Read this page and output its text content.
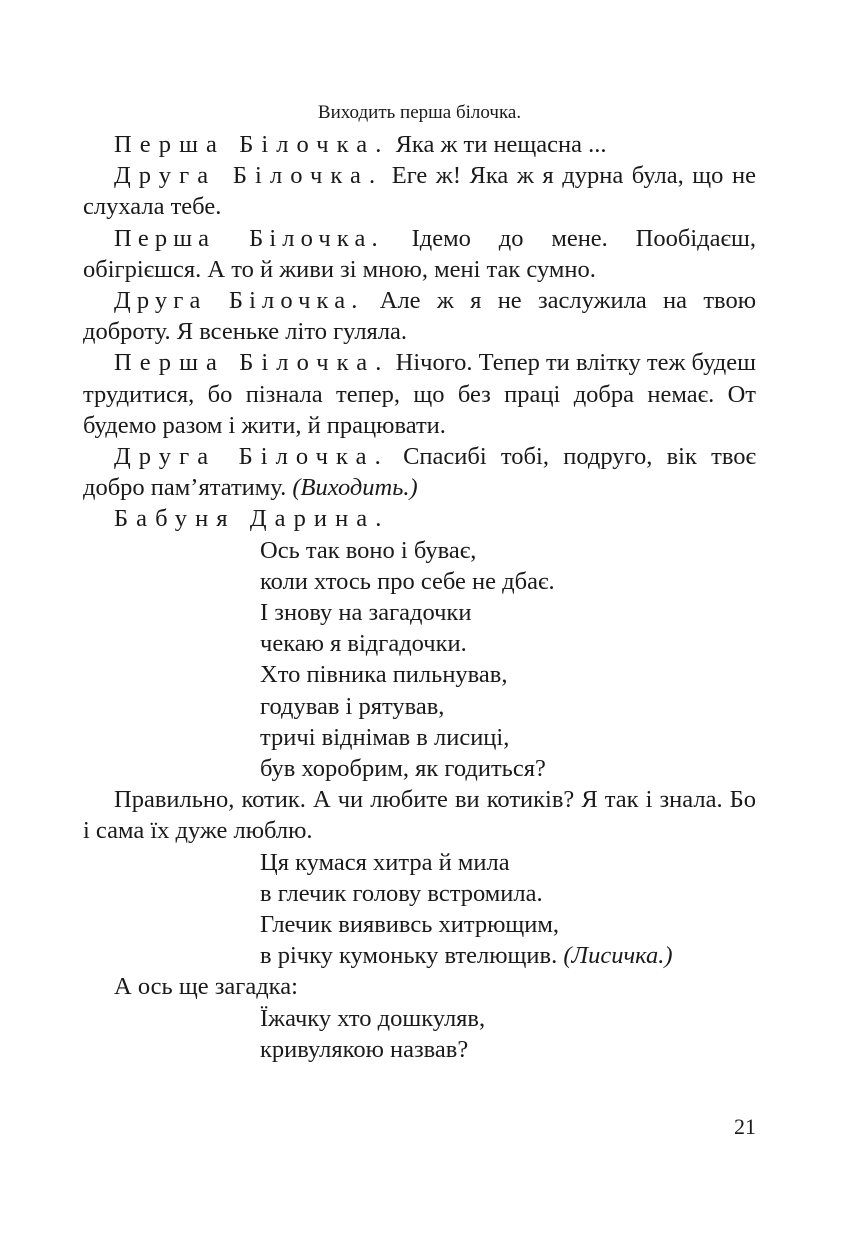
Виходить перша білочка.

Перша Білочка. Яка ж ти нещасна ...

Друга Білочка. Еге ж! Яка ж я дурна була, що не слухала тебе.

Перша Білочка. Ідемо до мене. Пообідаєш, обігрієшся. А то й живи зі мною, мені так сумно.

Друга Білочка. Але ж я не заслужила на твою доброту. Я всеньке літо гуляла.

Перша Білочка. Нічого. Тепер ти влітку теж будеш трудитися, бо пізнала тепер, що без праці добра немає. От будемо разом і жити, й працювати.

Друга Білочка. Спасибі тобі, подруго, вік твоє добро пам’ятатиму. (Виходить.)

Бабуня Дарина.

Ось так воно і буває,
коли хтось про себе не дбає.
І знову на загадочки
чекаю я відгадочки.
Хто півника пильнував,
годував і рятував,
тричі віднімав в лисиці,
був хоробрим, як годиться?

Правильно, котик. А чи любите ви котиків? Я так і знала. Бо і сама їх дуже люблю.

Ця кумася хитра й мила
в глечик голову встромила.
Глечик виявивсь хитрющим,
в річку кумоньку втелющив. (Лисичка.)

А ось ще загадка:

Їжачку хто дошкуляв,
кривулякою назвав?
21
